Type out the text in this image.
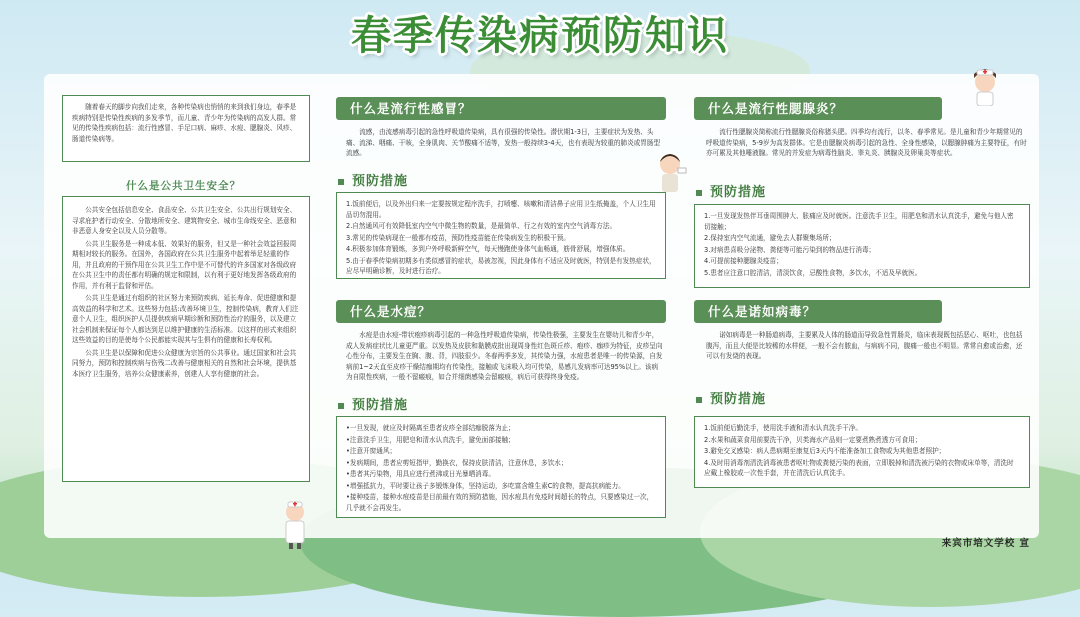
春季传染病预防知识

随着春天的脚步向我们走来，各种传染病也悄悄的来到我们身边，春季是疾病特别是传染性疾病的多发季节，而儿童、青少年为传染病的高发人群。常见的传染性疾病包括：流行性感冒、手足口病、麻疹、水痘、腮腺炎、风疹、肠道传染病等。

什么是公共卫生安全？

公共安全包括信息安全、食品安全、公共卫生安全、公共出行规划安全、寻求庇护者行动安全、分散地所安全、建筑物安全、城市生命线安全、恶意和非恶意人身安全以及人员分散等。

公共卫生服务是一种成本低、效果好的服务，但又是一种社会效益回报周期相对较长的服务。在国外，各国政府在公共卫生服务中起着举足轻重的作用，并且政府的干预作用在公共卫生工作中是不可替代的许多国家对各级政府在公共卫生中的责任都有明确的规定和限制，以有利于更好地发挥各级政府的作用，并有利于监督和评估。

公共卫生是通过有组织的社区努力来预防疾病、延长寿命、促进健康和提高效益的科学和艺术。这些努力包括:改善环境卫生，控制传染病，教育人们注意个人卫生，组织医护人员提供疾病早期诊断和预防性治疗的服务，以及建立社会机制来保证每个人都达到足以维护健康的生活标准。以这样的形式来组织这些效益的目的是使每个公民都能实现其与生俱有的健康和长寿权利。

公共卫生是以保障和促进公众健康为宗旨的公共事业。通过国家和社会共同努力，预防和控制疾病与伤残二改善与健康相关的自然和社会环境，提供基本医疗卫生服务，培养公众健康素养，创建人人享有健康的社会。

什么是流行性感冒？

流感，由流感病毒引起的急性呼吸道传染病，具有很强的传染性。潜伏期1-3日，主要症状为发热、头痛、流涕、咽痛、干咳，全身肌肉、关节酸痛不适等，发热一般持续3-4天，也有表现为较重的肺炎或胃肠型流感。

预防措施
1.饭前便后，以及外出归来一定要按规定程序洗手，打喷嚏、咳嗽和清洁鼻子应用卫生纸掩盖，个人卫生用品切勿混用。
2.自然通风可有效降低室内空气中微生物的数量，是最简单、行之有效的室内空气消毒方法。
3.常见的传染病现在一般都有疫苗，预防性疫苗能在传染病发生的积极干预。
4.积极参加体育锻炼，多到户外呼吸新鲜空气，每天慢跑使身体气血畅通，筋骨舒展，增强体质。
5.由于春季传染病初期多有类似感冒的症状，易被忽视，因此身体有不适应及时就医，特别是有发热症状，应尽早明确诊断，及时进行治疗。
什么是水痘？

水痘是由水痘-带状疱疹病毒引起的一种急性呼吸道传染病，传染性极强，主要发生在婴幼儿和青少年，成人发病症状比儿童更严重。以发热及皮肤和黏膜成批出现周身性红色斑丘疹、疱疹、痂疹为特征，皮疹呈向心性分布，主要发生在胸、腹、背，四肢很少。冬春两季多发，其传染力强，水痘患者是唯一的传染源，自发病前1~2天直至皮疹干燥结痂期均有传染性，接触或飞沫吸入均可传染，易感儿发病率可达95%以上。该病为自限性疾病，一般不留瘢痕，如合并细菌感染会留瘢痕，病后可获得终身免疫。

预防措施
•一旦发现，就应及时隔离至患者皮疹全部结痂脱落为止；
•注意洗手卫生，用肥皂和清水认真洗手，避免面部接触；
•注意开窗通风；
•发病期间，患者应剪短指甲，勤换衣，保持皮肤清洁，注意休息，多饮水；
•患者其污染物，用具应进行煮沸或日光暴晒消毒。
•增强抵抗力，平时要让孩子多锻炼身体，坚持运动，多吃富含维生素C的食物，提高抗病能力。
•接种疫苗，接种水痘疫苗是目前最有效的预防措施，因水痘具有免疫时间超长的特点，只要感染过一次，几乎就不会再发生。
什么是流行性腮腺炎？

流行性腮腺炎简称流行性腮腺炎俗称猪头肥。四季均有流行，以冬、春季常见。是儿童和青少年期常见的呼吸道传染病，5-9岁为高发群体。它是由腮腺炎病毒引起的急性、全身性感染，以腮腺肿痛为主要特征，有时亦可累及其他唾液腺。常见的并发症为病毒性脑炎、睾丸炎、胰腺炎及卵巢炎等症状。

预防措施
1.一旦发现发热伴耳垂周围肿大、胀痛应及时就医。注意洗手卫生，用肥皂和清水认真洗手，避免与他人密切接触；
2.保持室内空气流通，避免去人群聚集场所；
3.对病患喜吸分泌物、粪便等可能污染到的物品进行消毒；
4.可提前接种腮腺炎疫苗；
5.患者应注意口腔清洁，清淡饮食，忌酸性食物，多饮水，不适及早就医。
什么是诺如病毒？

诺如病毒是一种肠道病毒，主要累及人体的肠道而导致急性胃肠炎，临床表现既包括恶心、呕吐，也包括腹泻，而且大便是比较稀的水样便，一般不会有脓血，与病病不同，腹痛一般也不明显。常常自愈或治愈，还可以有发烧的表现。

预防措施
1.饭前便后勤洗手，使用洗手液和清水认真洗手干净。
2.水果和蔬菜食用前要洗干净，贝类海水产品则一定要煮熟煮透方可食用；
3.避免交叉感染：病人患病期至康复后3天内不能准备加工食物或为其他患者照护；
4.及时用消毒剂清洗消毒被患者呕吐物或粪便污染的表面，立即脱掉和清洗被污染的衣物或床单等，清洗时应戴上橡胶或一次性手套，并在清洗后认真洗手。
来宾市培文学校 宣
